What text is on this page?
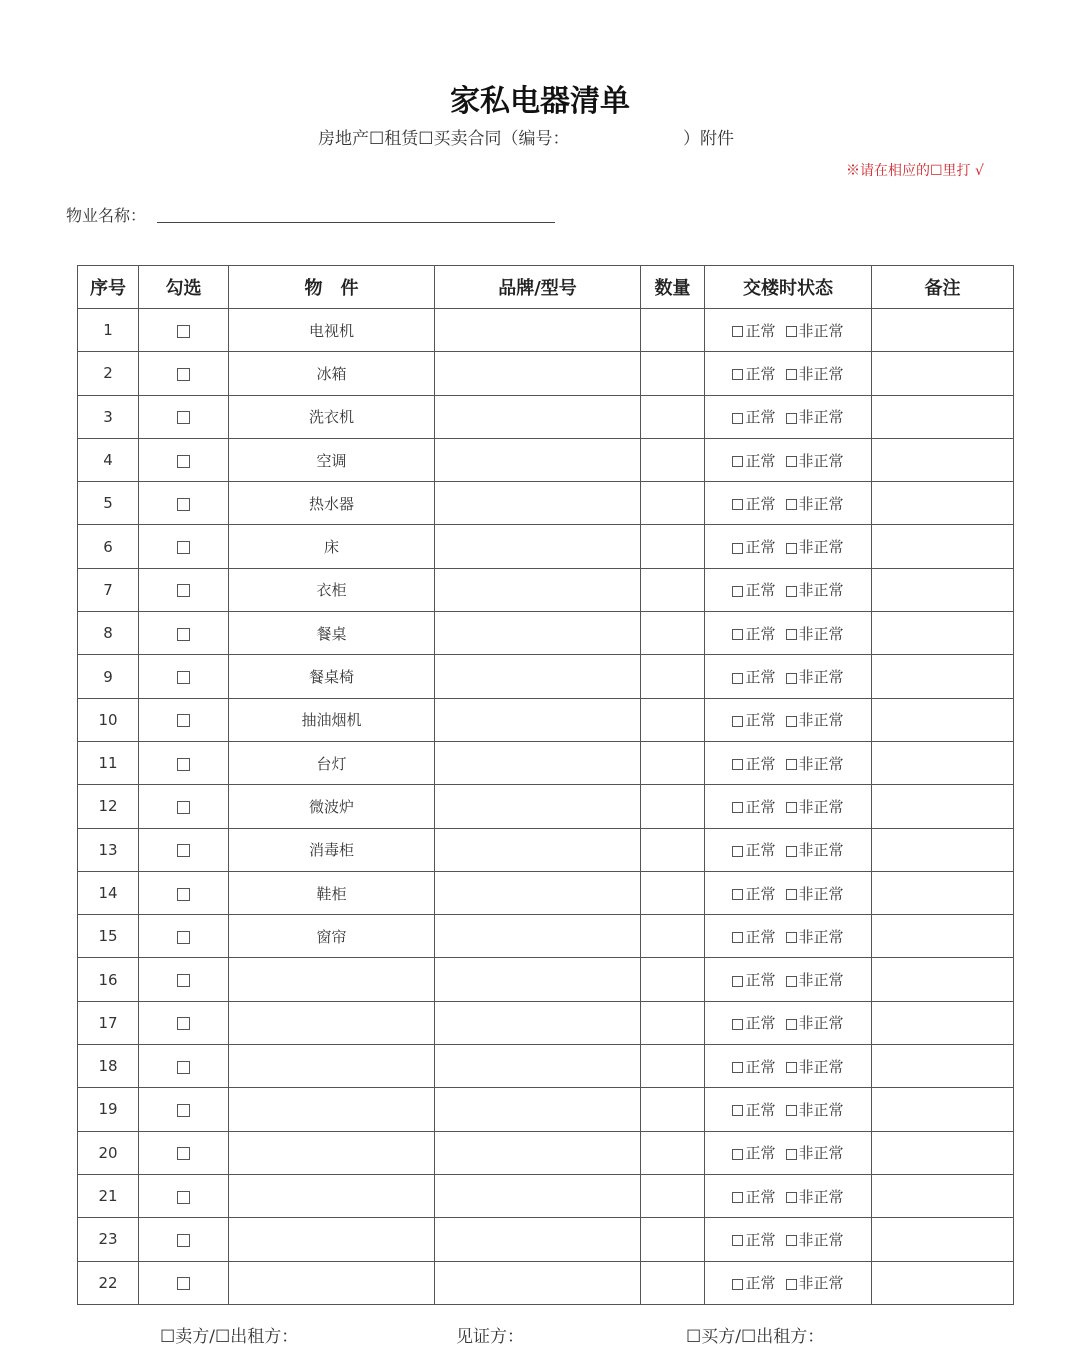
家私电器清单
房地产☐租赁☐买卖合同（编号：                     ）附件
※请在相应的☐里打 √
物业名称：
序号	勾选	物　件	品牌/型号	数量	交楼时状态	备注
1		电视机			正常 非正常	
2		冰箱			正常 非正常	
3		洗衣机			正常 非正常	
4		空调			正常 非正常	
5		热水器			正常 非正常	
6		床			正常 非正常	
7		衣柜			正常 非正常	
8		餐桌			正常 非正常	
9		餐桌椅			正常 非正常	
10		抽油烟机			正常 非正常	
11		台灯			正常 非正常	
12		微波炉			正常 非正常	
13		消毒柜			正常 非正常	
14		鞋柜			正常 非正常	
15		窗帘			正常 非正常	
16					正常 非正常	
17					正常 非正常	
18					正常 非正常	
19					正常 非正常	
20					正常 非正常	
21					正常 非正常	
23					正常 非正常	
22					正常 非正常	
☐卖方/☐出租方：	见证方：	☐买方/☐出租方：
